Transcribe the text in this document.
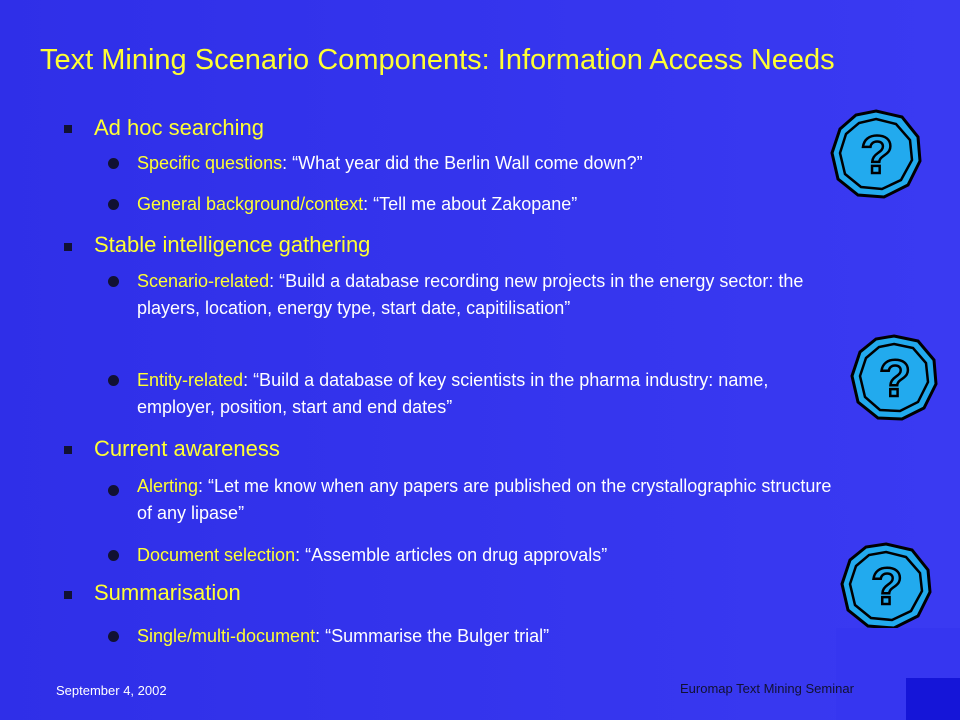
Text Mining Scenario Components: Information Access Needs
Ad hoc searching
Specific questions: “What year did the Berlin Wall come down?”
General background/context: “Tell me about Zakopane”
Stable intelligence gathering
Scenario-related: “Build a database recording new projects in the energy sector: the players, location, energy type, start date, capitilisation”
Entity-related: “Build a database of key scientists in the pharma industry: name, employer, position, start and end dates”
Current awareness
Alerting: “Let me know when any papers are published on the crystallographic structure of any lipase”
Document selection: “Assemble articles on drug approvals”
Summarisation
Single/multi-document: “Summarise the Bulger trial”
?
?
?
September 4, 2002	Euromap Text Mining Seminar
